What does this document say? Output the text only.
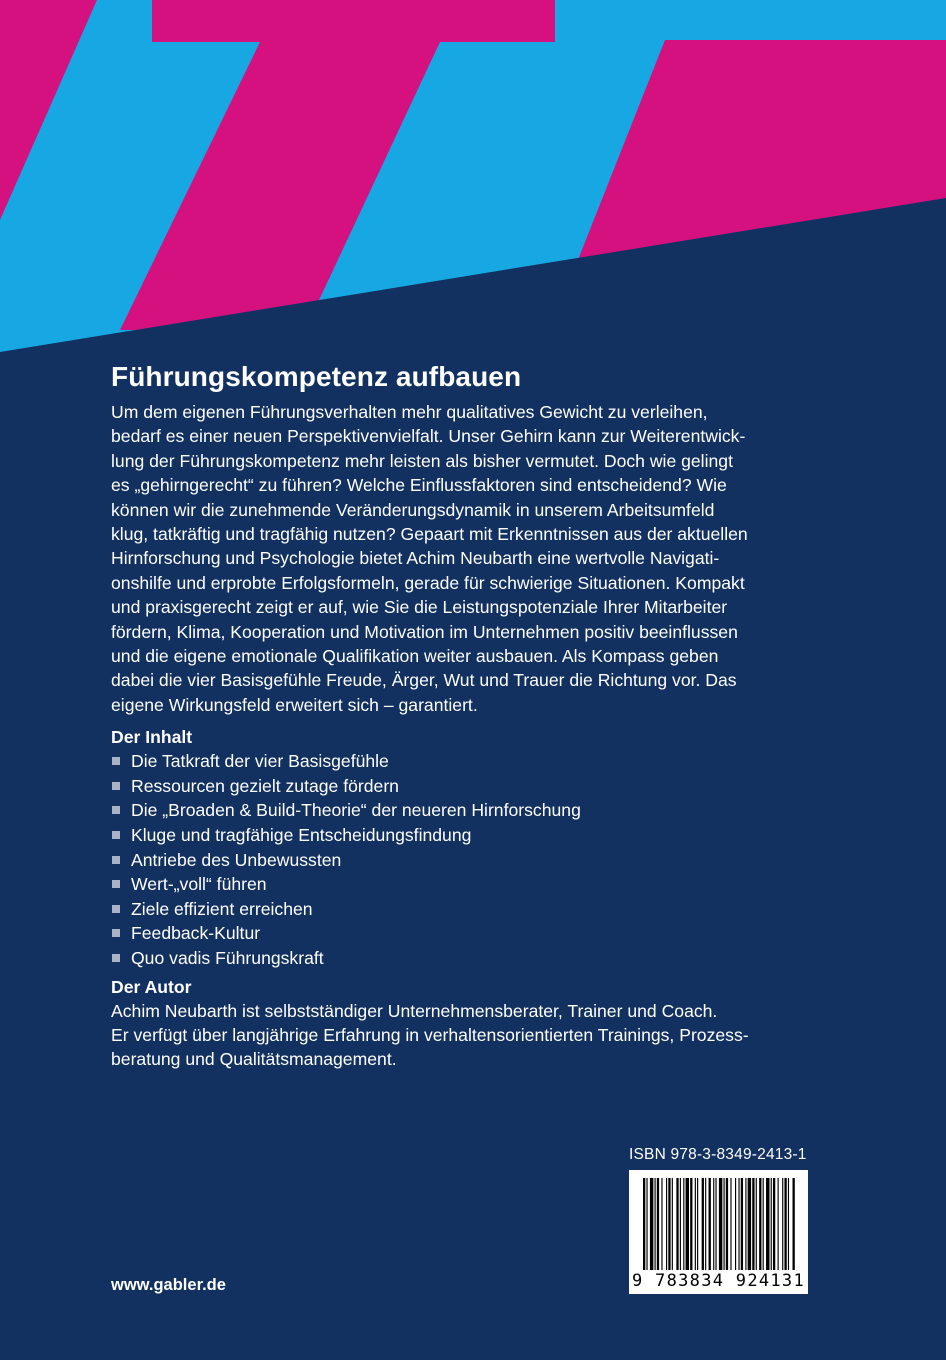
Führungskompetenz aufbauen

Um dem eigenen Führungsverhalten mehr qualitatives Gewicht zu verleihen,
bedarf es einer neuen Perspektivenvielfalt. Unser Gehirn kann zur Weiterentwick-
lung der Führungskompetenz mehr leisten als bisher vermutet. Doch wie gelingt
es „gehirngerecht“ zu führen? Welche Einflussfaktoren sind entscheidend? Wie
können wir die zunehmende Veränderungsdynamik in unserem Arbeitsumfeld
klug, tatkräftig und tragfähig nutzen? Gepaart mit Erkenntnissen aus der aktuellen
Hirnforschung und Psychologie bietet Achim Neubarth eine wertvolle Navigati-
onshilfe und erprobte Erfolgsformeln, gerade für schwierige Situationen. Kompakt
und praxisgerecht zeigt er auf, wie Sie die Leistungspotenziale Ihrer Mitarbeiter
fördern, Klima, Kooperation und Motivation im Unternehmen positiv beeinflussen
und die eigene emotionale Qualifikation weiter ausbauen. Als Kompass geben
dabei die vier Basisgefühle Freude, Ärger, Wut und Trauer die Richtung vor. Das
eigene Wirkungsfeld erweitert sich – garantiert.

Der Inhalt
Die Tatkraft der vier Basisgefühle
Ressourcen gezielt zutage fördern
Die „Broaden & Build-Theorie“ der neueren Hirnforschung
Kluge und tragfähige Entscheidungsfindung
Antriebe des Unbewussten
Wert-„voll“ führen
Ziele effizient erreichen
Feedback-Kultur
Quo vadis Führungskraft
Der Autor
Achim Neubarth ist selbstständiger Unternehmensberater, Trainer und Coach.
Er verfügt über langjährige Erfahrung in verhaltensorientierten Trainings, Prozess-
beratung und Qualitätsmanagement.
ISBN 978-3-8349-2413-1
9 783834 924131
www.gabler.de
